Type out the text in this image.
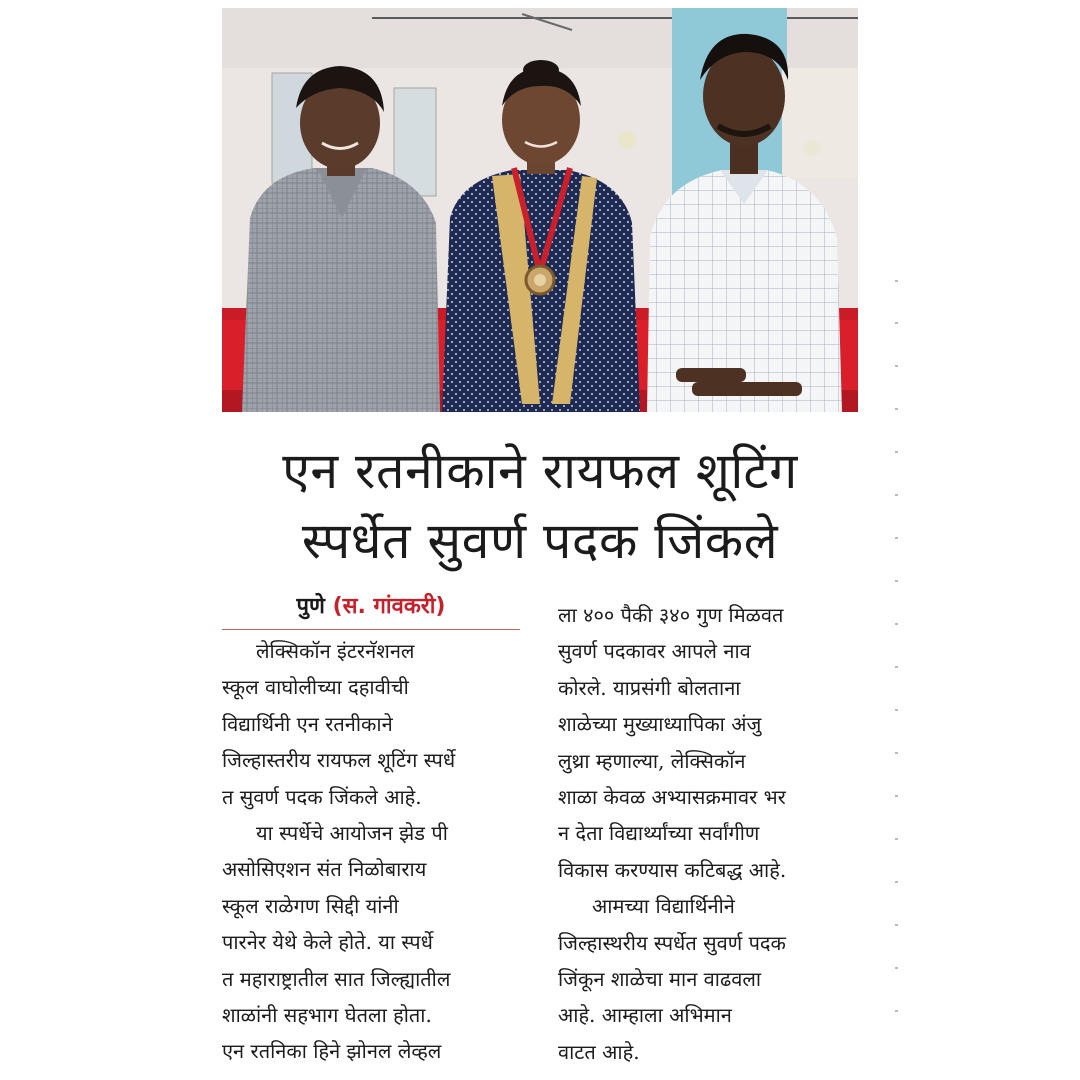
एन रतनीकाने रायफल शूटिंग
स्पर्धेत सुवर्ण पदक जिंकले
पुणे (स. गांवकरी)
लेक्सिकॉन इंटरनॅशनल
स्कूल वाघोलीच्या दहावीची
विद्यार्थिनी एन रतनीकाने
जिल्हास्तरीय रायफल शूटिंग स्पर्धे
त सुवर्ण पदक जिंकले आहे.
या स्पर्धेचे आयोजन झेड पी
असोसिएशन संत निळोबाराय
स्कूल राळेगण सिद्दी यांनी
पारनेर येथे केले होते. या स्पर्धे
त महाराष्ट्रातील सात जिल्ह्यातील
शाळांनी सहभाग घेतला होता.
एन रतनिका हिने झोनल लेव्हल
ला ४०० पैकी ३४० गुण मिळवत
सुवर्ण पदकावर आपले नाव
कोरले. याप्रसंगी बोलताना
शाळेच्या मुख्याध्यापिका अंजु
लुथ्रा म्हणाल्या, लेक्सिकॉन
शाळा केवळ अभ्यासक्रमावर भर
न देता विद्यार्थ्यांच्या सर्वांगीण
विकास करण्यास कटिबद्ध आहे.
आमच्या विद्यार्थिनीने
जिल्हास्थरीय स्पर्धेत सुवर्ण पदक
जिंकून शाळेचा मान वाढवला
आहे. आम्हाला अभिमान
वाटत आहे.
